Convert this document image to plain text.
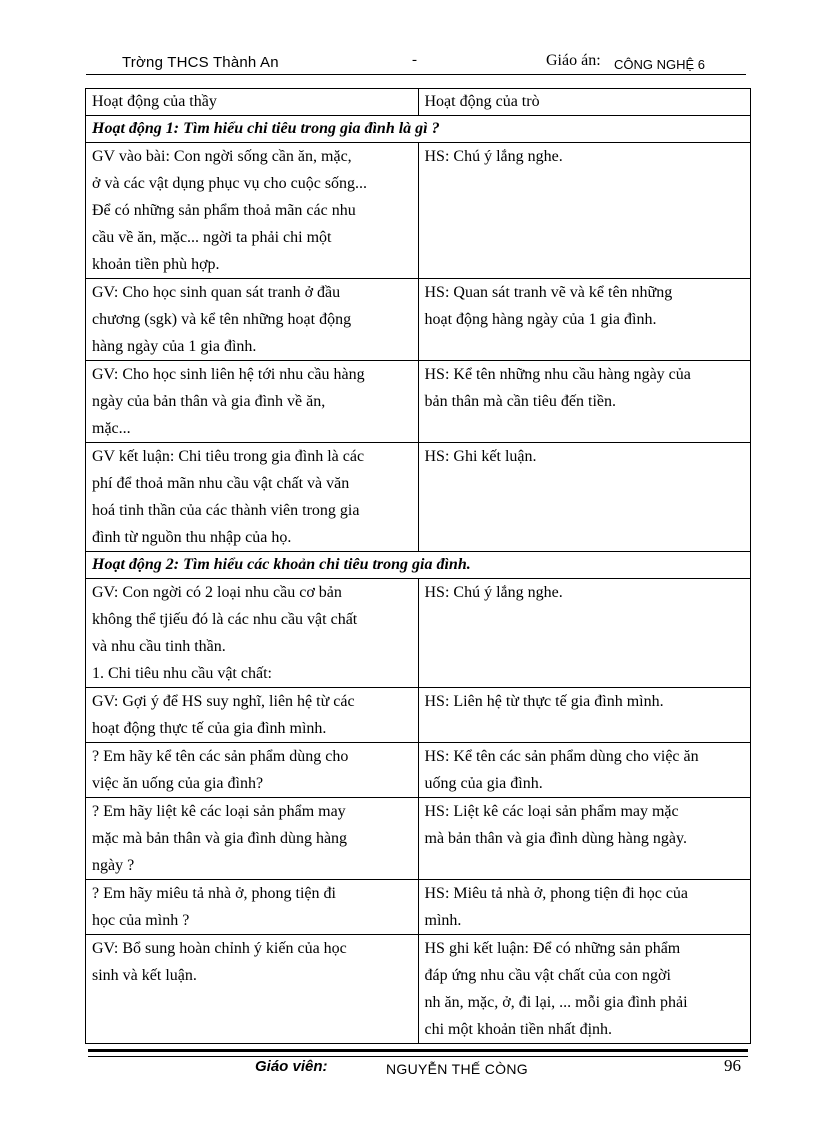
Trờng THCS Thành An	-	Giáo án: CÔNG NGHỆ 6
Hoạt động của thầy	Hoạt động của trò
Hoạt động 1: Tìm hiểu chi tiêu trong gia đình là gì ?	

GV vào bài: Con ngời sống cần ăn, mặc,
ở và các vật dụng phục vụ cho cuộc sống...
Để có những sản phẩm thoả mãn các nhu
cầu về ăn, mặc... ngời ta phải chi một
khoản tiền phù hợp.	HS: Chú ý lắng nghe.

GV: Cho học sinh quan sát tranh ở đầu
chương (sgk) và kể tên những hoạt động
hàng ngày của 1 gia đình.	HS: Quan sát tranh vẽ và kể tên những
hoạt động hàng ngày của 1 gia đình.

GV: Cho học sinh liên hệ tới nhu cầu hàng
ngày của bản thân và gia đình về ăn,
mặc...	HS: Kể tên những nhu cầu hàng ngày của
bản thân mà cần tiêu đến tiền.

GV kết luận: Chi tiêu trong gia đình là các
phí để thoả mãn nhu cầu vật chất và văn
hoá tinh thần của các thành viên trong gia
đình từ nguồn thu nhập của họ.	HS: Ghi kết luận.

Hoạt động 2: Tìm hiểu các khoản chi tiêu trong gia đình.	

GV: Con ngời có 2 loại nhu cầu cơ bản
không thể tjiếu đó là các nhu cầu vật chất
và nhu cầu tinh thần.
1. Chi tiêu nhu cầu vật chất:	HS: Chú ý lắng nghe.

GV: Gợi ý để HS suy nghĩ, liên hệ từ các
hoạt động thực tế của gia đình mình.	HS: Liên hệ từ thực tế gia đình mình.

? Em hãy kể tên các sản phẩm dùng cho
việc ăn uống của gia đình?	HS: Kể tên các sản phẩm dùng cho việc ăn
uống của gia đình.

? Em hãy liệt kê các loại sản phẩm may
mặc mà bản thân và gia đình dùng hàng
ngày ?	HS: Liệt kê các loại sản phẩm may mặc
mà bản thân và gia đình dùng hàng ngày.

? Em hãy miêu tả nhà ở, phong tiện đi
học của mình ?	HS: Miêu tả nhà ở, phong tiện đi học của
mình.

GV: Bổ sung hoàn chỉnh ý kiến của học
sinh và kết luận.	HS ghi kết luận: Để có những sản phẩm
đáp ứng nhu cầu vật chất của con ngời
nh ăn, mặc, ở, đi lại, ... mỗi gia đình phải
chi một khoản tiền nhất định.
Giáo viên:	NGUYỄN THẾ CÒNG	96
